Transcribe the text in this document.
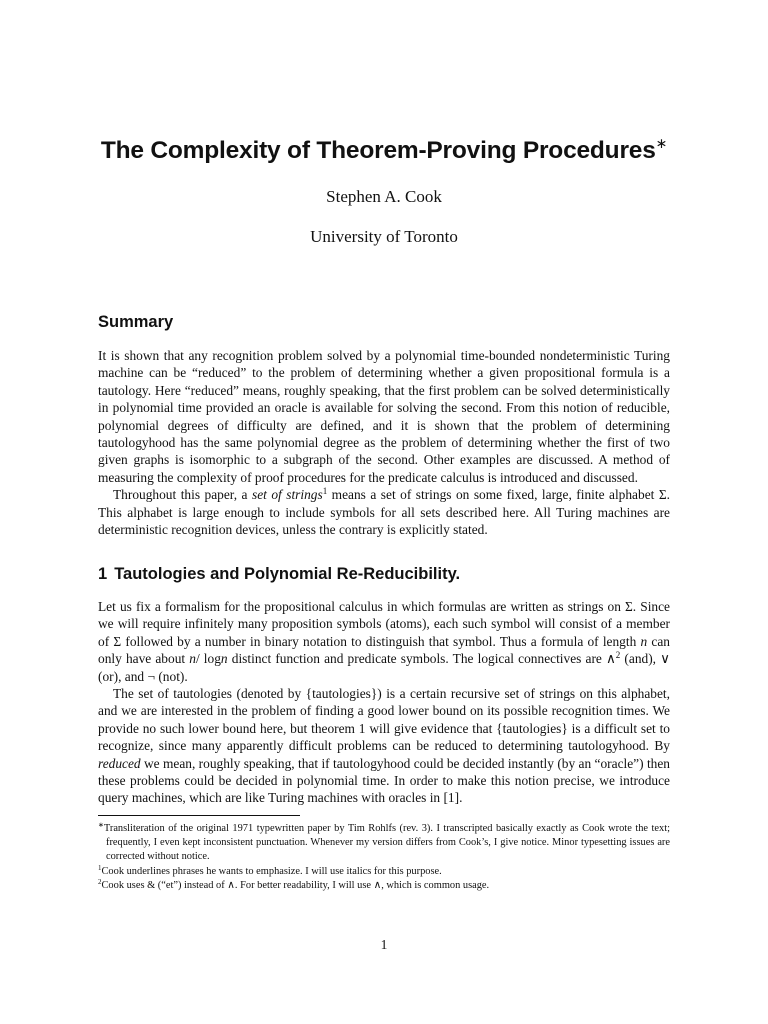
The Complexity of Theorem-Proving Procedures∗
Stephen A. Cook
University of Toronto
Summary

It is shown that any recognition problem solved by a polynomial time-bounded nondeterministic Turing machine can be “reduced” to the problem of determining whether a given propositional formula is a tautology. Here “reduced” means, roughly speaking, that the first problem can be solved deterministically in polynomial time provided an oracle is available for solving the second. From this notion of reducible, polynomial degrees of difficulty are defined, and it is shown that the problem of determining tautologyhood has the same polynomial degree as the problem of determining whether the first of two given graphs is isomorphic to a subgraph of the second. Other examples are discussed. A method of measuring the complexity of proof procedures for the predicate calculus is introduced and discussed.

Throughout this paper, a set of strings$^1$ means a set of strings on some fixed, large, finite alphabet Σ. This alphabet is large enough to include symbols for all sets described here. All Turing machines are deterministic recognition devices, unless the contrary is explicitly stated.

1 Tautologies and Polynomial Re-Reducibility.

Let us fix a formalism for the propositional calculus in which formulas are written as strings on Σ. Since we will require infinitely many proposition symbols (atoms), each such symbol will consist of a member of Σ followed by a number in binary notation to distinguish that symbol. Thus a formula of length n can only have about n/ logn distinct function and predicate symbols. The logical connectives are ∧$^2$ (and), ∨ (or), and ¬ (not).

The set of tautologies (denoted by {tautologies}) is a certain recursive set of strings on this alphabet, and we are interested in the problem of finding a good lower bound on its possible recognition times. We provide no such lower bound here, but theorem 1 will give evidence that {tautologies} is a difficult set to recognize, since many apparently difficult problems can be reduced to determining tautologyhood. By reduced we mean, roughly speaking, that if tautologyhood could be decided instantly (by an “oracle”) then these problems could be decided in polynomial time. In order to make this notion precise, we introduce query machines, which are like Turing machines with oracles in [1].

∗Transliteration of the original 1971 typewritten paper by Tim Rohlfs (rev. 3). I transcripted basically exactly as Cook wrote the text; frequently, I even kept inconsistent punctuation. Whenever my version differs from Cook’s, I give notice. Minor typesetting issues are corrected without notice.

$^1$Cook underlines phrases he wants to emphasize. I will use italics for this purpose.

$^2$Cook uses & (“et”) instead of ∧. For better readability, I will use ∧, which is common usage.

1
